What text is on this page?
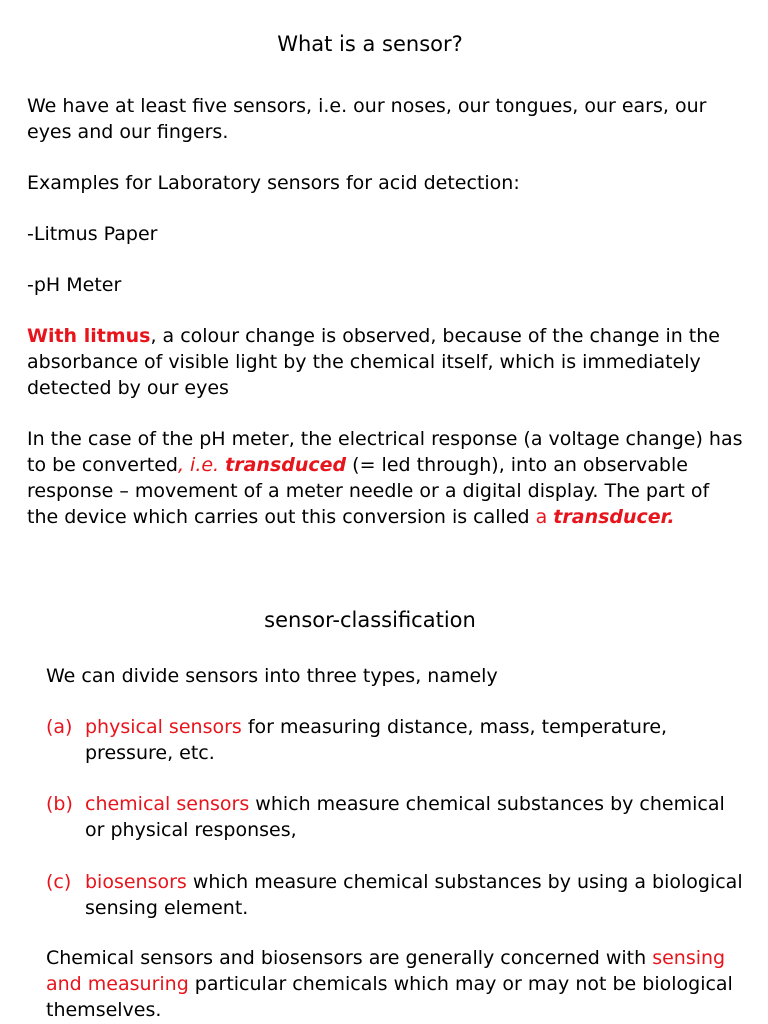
What is a sensor?

We have at least five sensors, i.e. our noses, our tongues, our ears, our eyes and our fingers.

Examples for Laboratory sensors for acid detection:

-Litmus Paper

-pH Meter

With litmus, a colour change is observed, because of the change in the absorbance of visible light by the chemical itself, which is immediately detected by our eyes

In the case of the pH meter, the electrical response (a voltage change) has to be converted, i.e. transduced (= led through), into an observable response – movement of a meter needle or a digital display. The part of the device which carries out this conversion is called a transducer.

sensor-classification

We can divide sensors into three types, namely

(a) physical sensors for measuring distance, mass, temperature, pressure, etc.
(b) chemical sensors which measure chemical substances by chemical or physical responses,
(c) biosensors which measure chemical substances by using a biological sensing element.

Chemical sensors and biosensors are generally concerned with sensing and measuring particular chemicals which may or may not be biological themselves.
